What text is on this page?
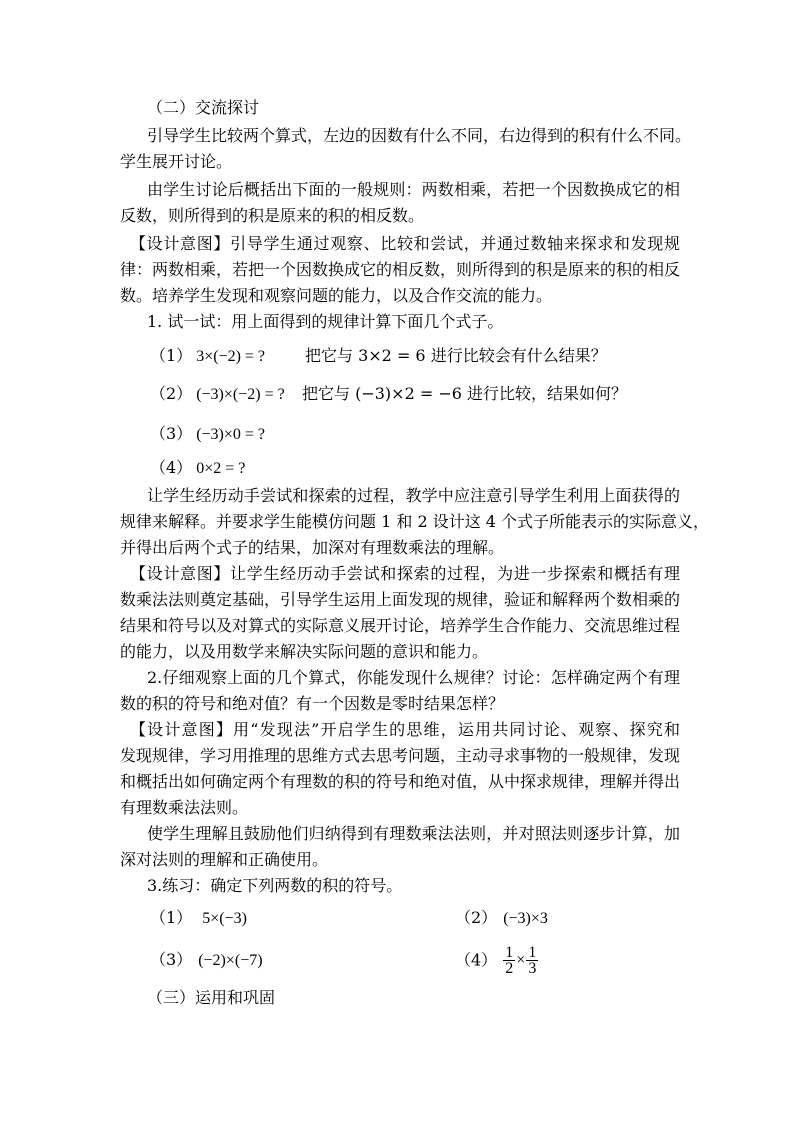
（二）交流探讨
引导学生比较两个算式，左边的因数有什么不同，右边得到的积有什么不同。
学生展开讨论。
由学生讨论后概括出下面的一般规则：两数相乘，若把一个因数换成它的相
反数，则所得到的积是原来的积的相反数。
【设计意图】引导学生通过观察、比较和尝试，并通过数轴来探求和发现规
律：两数相乘，若把一个因数换成它的相反数，则所得到的积是原来的积的相反
数。培养学生发现和观察问题的能力，以及合作交流的能力。
1. 试一试：用上面得到的规律计算下面几个式子。
（1） 3×(−2) = ? 把它与 3×2 = 6 进行比较会有什么结果？
（2） (−3)×(−2) = ? 把它与 (−3)×2 = −6 进行比较，结果如何？
（3） (−3)×0 = ?
（4） 0×2 = ?
让学生经历动手尝试和探索的过程，教学中应注意引导学生利用上面获得的
规律来解释。并要求学生能模仿问题 1 和 2 设计这 4 个式子所能表示的实际意义，
并得出后两个式子的结果，加深对有理数乘法的理解。
【设计意图】让学生经历动手尝试和探索的过程，为进一步探索和概括有理
数乘法法则奠定基础，引导学生运用上面发现的规律，验证和解释两个数相乘的
结果和符号以及对算式的实际意义展开讨论，培养学生合作能力、交流思维过程
的能力，以及用数学来解决实际问题的意识和能力。
2.仔细观察上面的几个算式，你能发现什么规律？讨论：怎样确定两个有理
数的积的符号和绝对值？有一个因数是零时结果怎样？
【设计意图】用“发现法”开启学生的思维，运用共同讨论、观察、探究和
发现规律，学习用推理的思维方式去思考问题，主动寻求事物的一般规律，发现
和概括出如何确定两个有理数的积的符号和绝对值，从中探求规律，理解并得出
有理数乘法法则。
使学生理解且鼓励他们归纳得到有理数乘法法则，并对照法则逐步计算，加
深对法则的理解和正确使用。
3.练习：确定下列两数的积的符号。
（1） 5×(−3)	（2） (−3)×3
（3） (−2)×(−7)	$(4) \frac{1}{2} \times \frac{1}{3}$
（三）运用和巩固
